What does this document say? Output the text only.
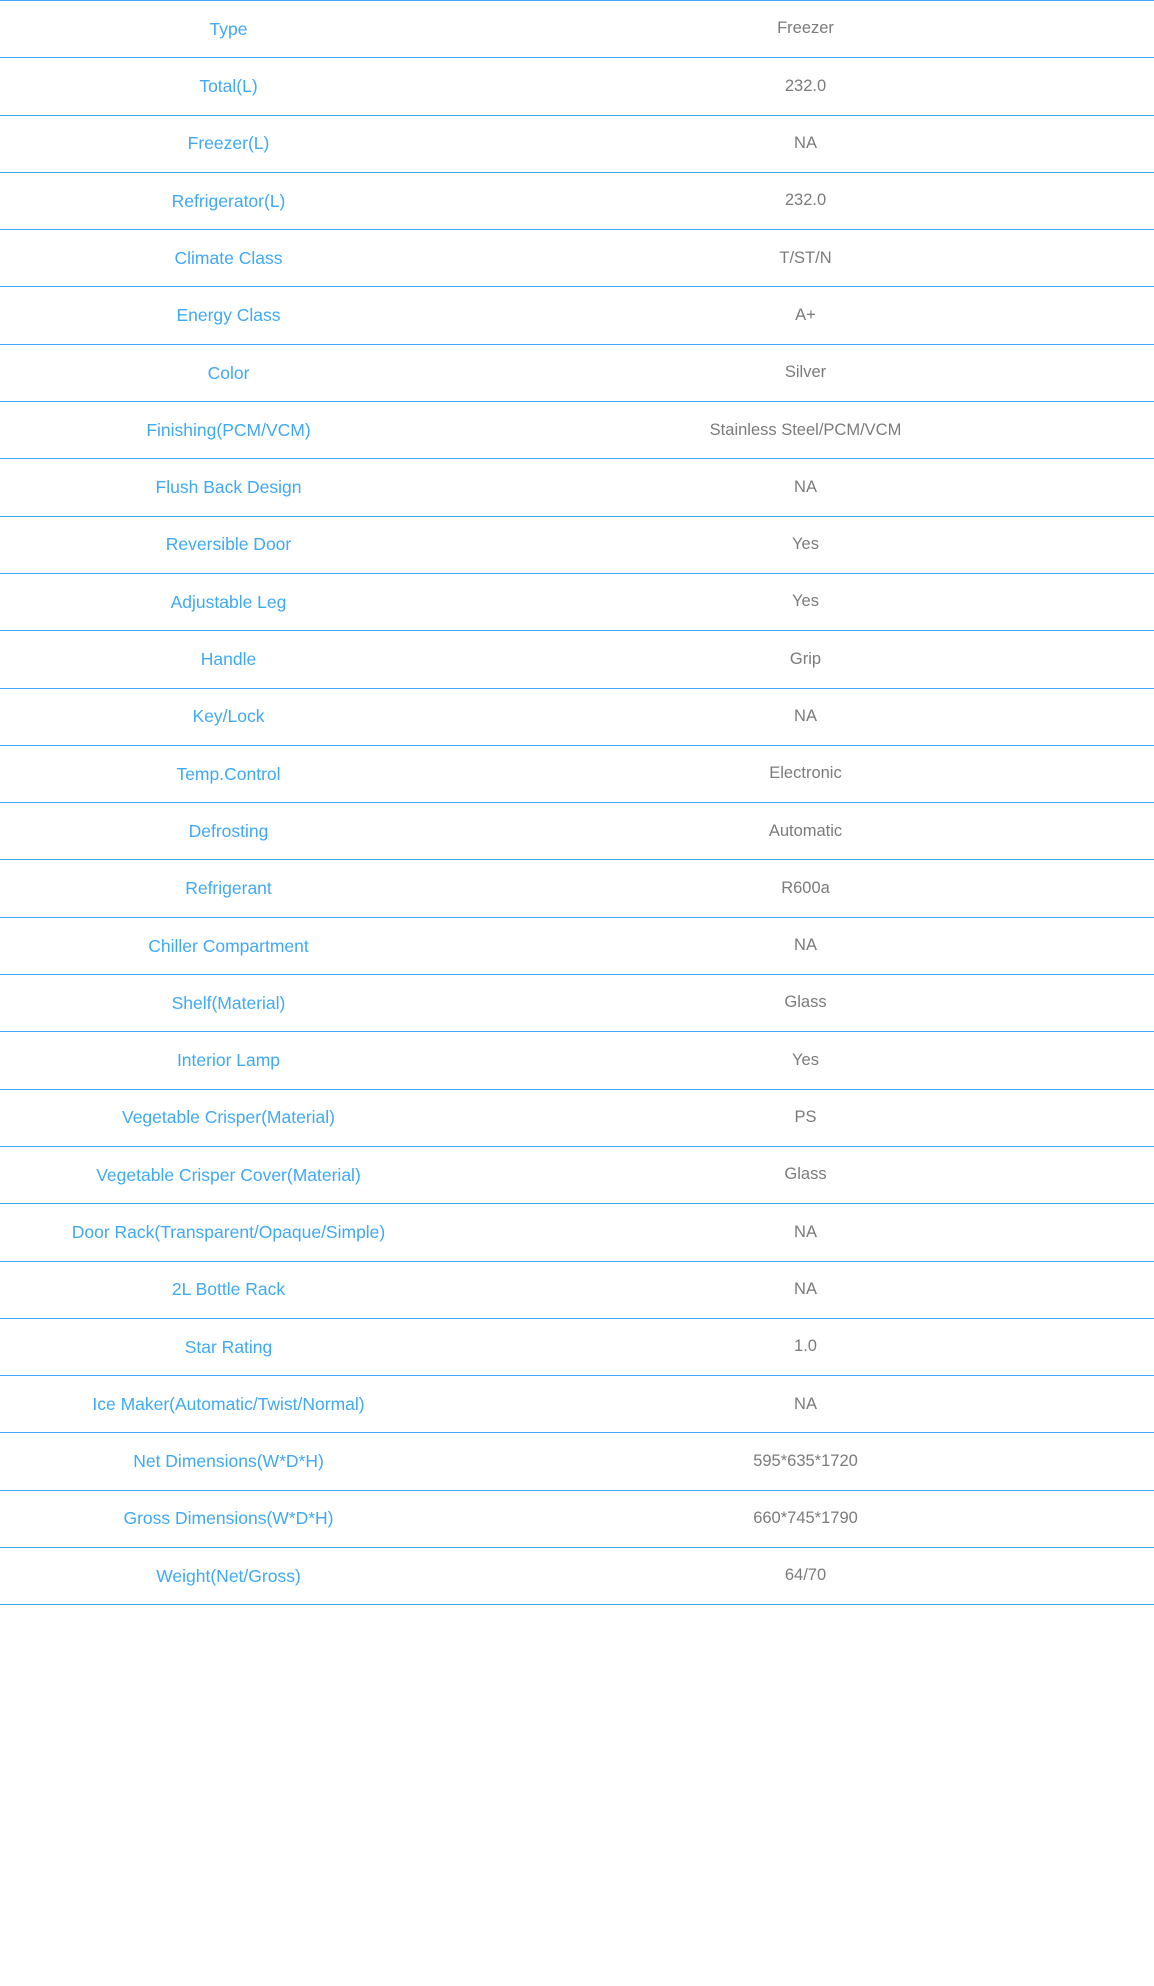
Type	Freezer
Total(L)	232.0
Freezer(L)	NA
Refrigerator(L)	232.0
Climate Class	T/ST/N
Energy Class	A+
Color	Silver
Finishing(PCM/VCM)	Stainless Steel/PCM/VCM
Flush Back Design	NA
Reversible Door	Yes
Adjustable Leg	Yes
Handle	Grip
Key/Lock	NA
Temp.Control	Electronic
Defrosting	Automatic
Refrigerant	R600a
Chiller Compartment	NA
Shelf(Material)	Glass
Interior Lamp	Yes
Vegetable Crisper(Material)	PS
Vegetable Crisper Cover(Material)	Glass
Door Rack(Transparent/Opaque/Simple)	NA
2L Bottle Rack	NA
Star Rating	1.0
Ice Maker(Automatic/Twist/Normal)	NA
Net Dimensions(W*D*H)	595*635*1720
Gross Dimensions(W*D*H)	660*745*1790
Weight(Net/Gross)	64/70
